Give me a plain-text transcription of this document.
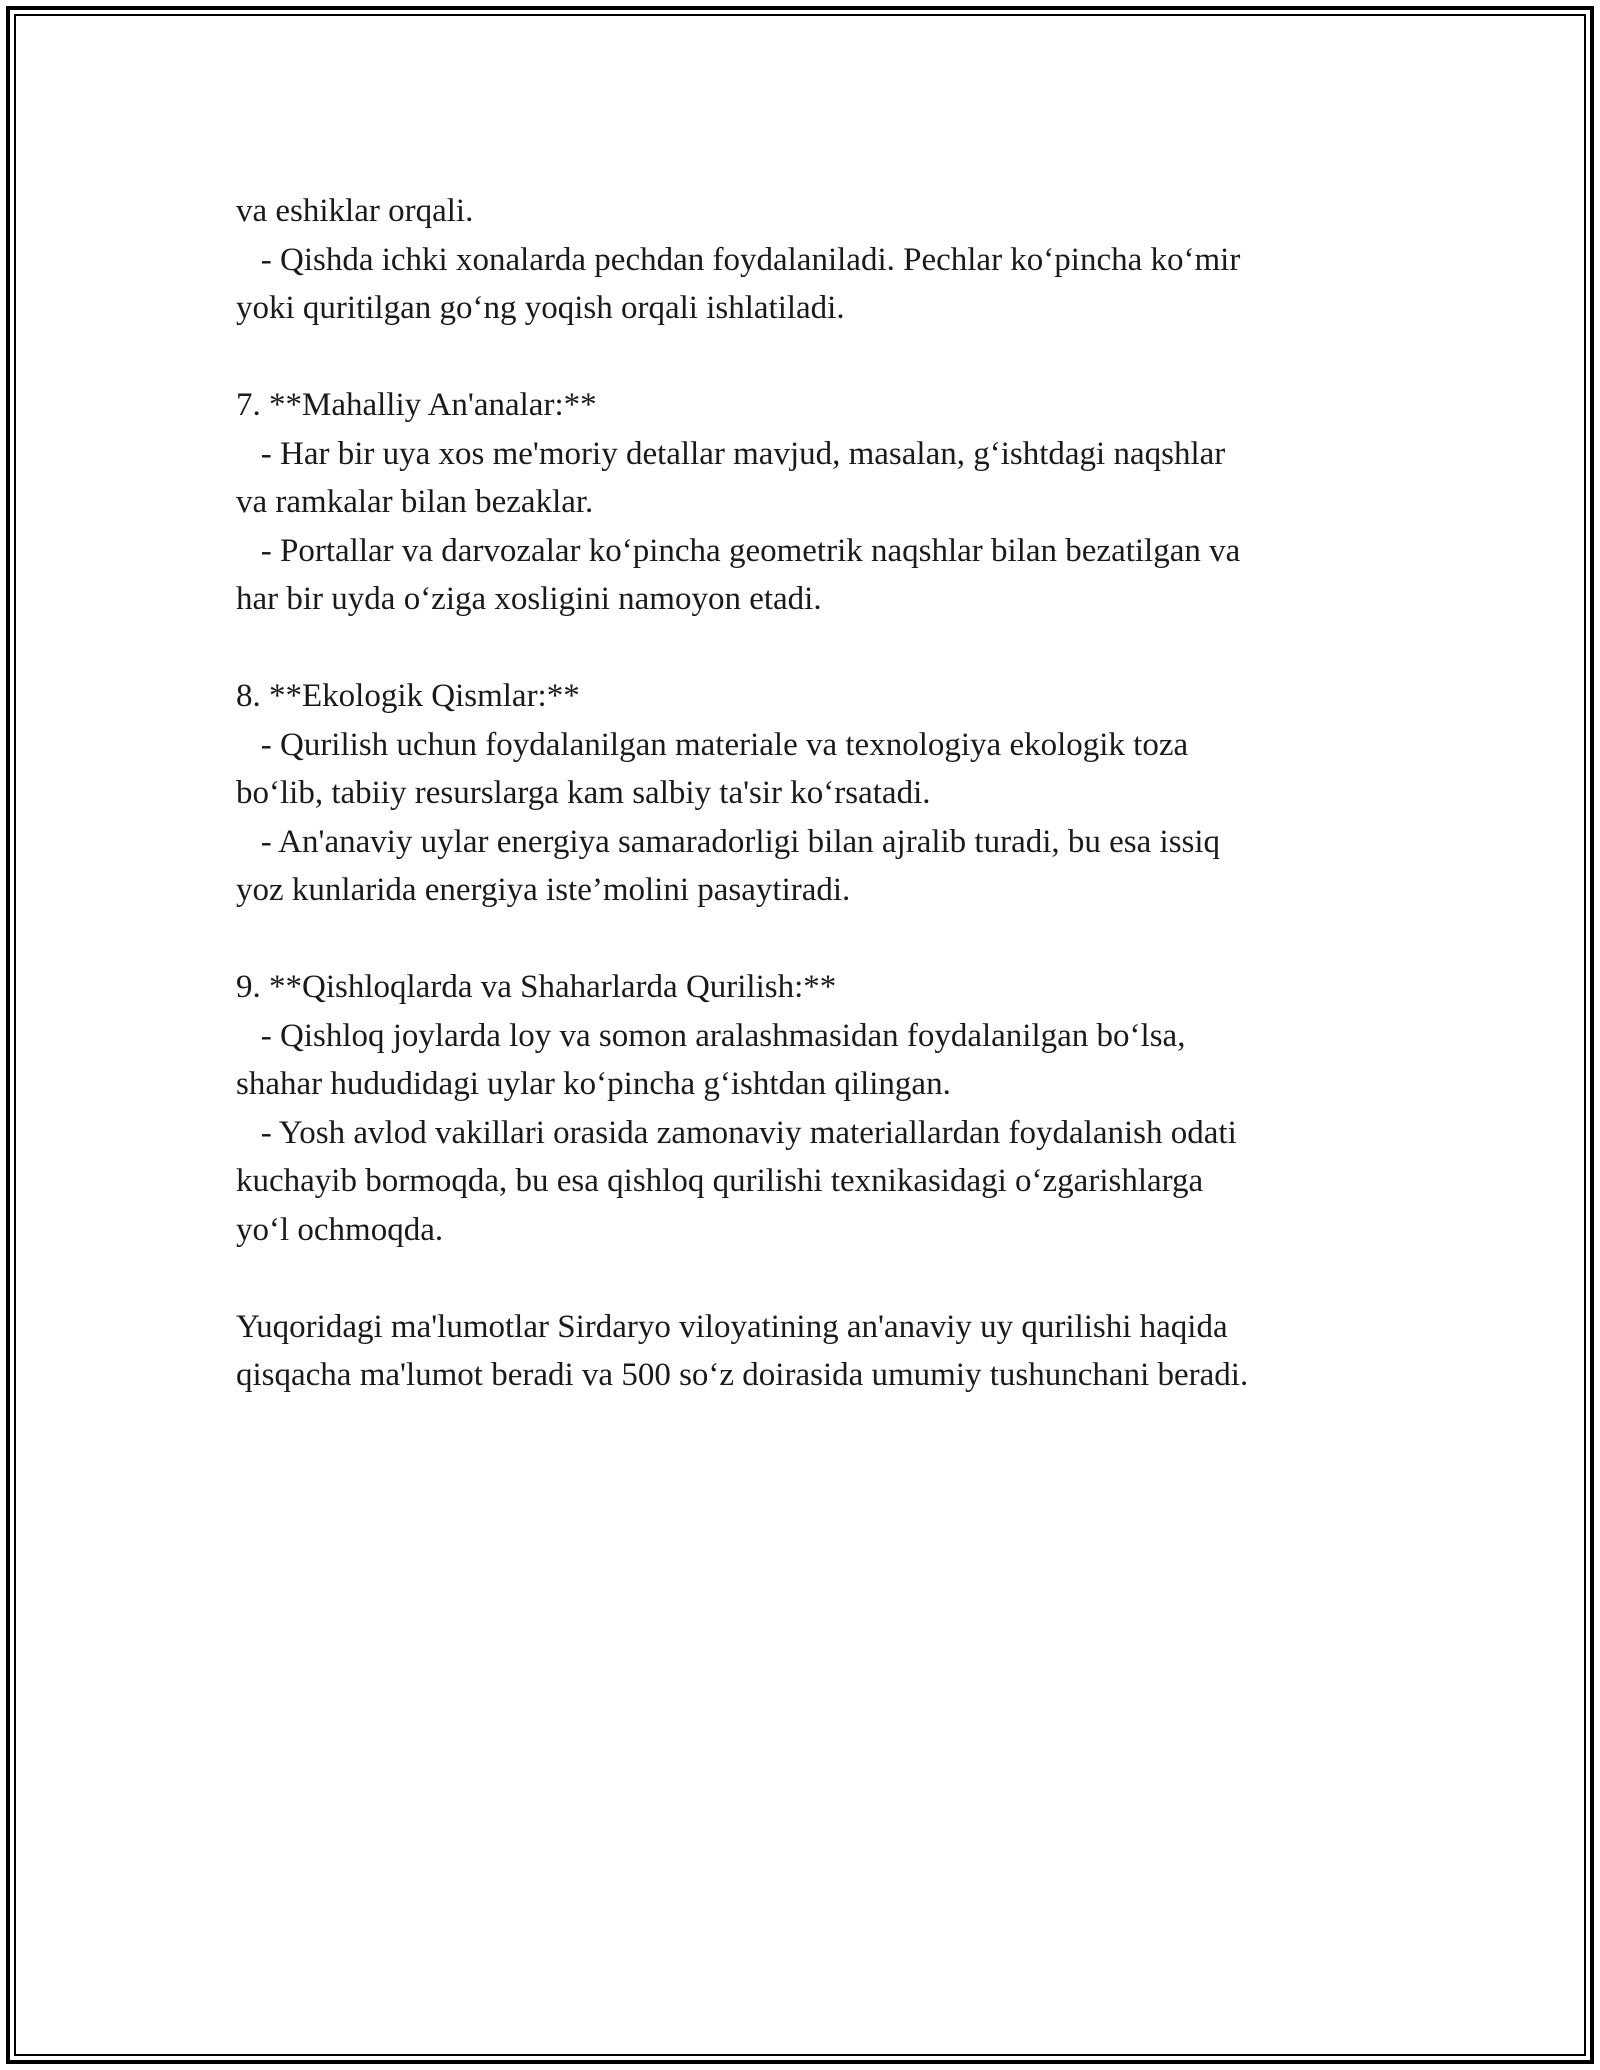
va eshiklar orqali.
- Qishda ichki xonalarda pechdan foydalaniladi. Pechlar ko‘pincha ko‘mir
yoki quritilgan go‘ng yoqish orqali ishlatiladi.
7. **Mahalliy An'analar:**
- Har bir uya xos me'moriy detallar mavjud, masalan, g‘ishtdagi naqshlar
va ramkalar bilan bezaklar.
- Portallar va darvozalar ko‘pincha geometrik naqshlar bilan bezatilgan va
har bir uyda o‘ziga xosligini namoyon etadi.
8. **Ekologik Qismlar:**
- Qurilish uchun foydalanilgan materiale va texnologiya ekologik toza
bo‘lib, tabiiy resurslarga kam salbiy ta'sir ko‘rsatadi.
- An'anaviy uylar energiya samaradorligi bilan ajralib turadi, bu esa issiq
yoz kunlarida energiya iste’molini pasaytiradi.
9. **Qishloqlarda va Shaharlarda Qurilish:**
- Qishloq joylarda loy va somon aralashmasidan foydalanilgan bo‘lsa,
shahar hududidagi uylar ko‘pincha g‘ishtdan qilingan.
- Yosh avlod vakillari orasida zamonaviy materiallardan foydalanish odati
kuchayib bormoqda, bu esa qishloq qurilishi texnikasidagi o‘zgarishlarga
yo‘l ochmoqda.
Yuqoridagi ma'lumotlar Sirdaryo viloyatining an'anaviy uy qurilishi haqida
qisqacha ma'lumot beradi va 500 so‘z doirasida umumiy tushunchani beradi.
